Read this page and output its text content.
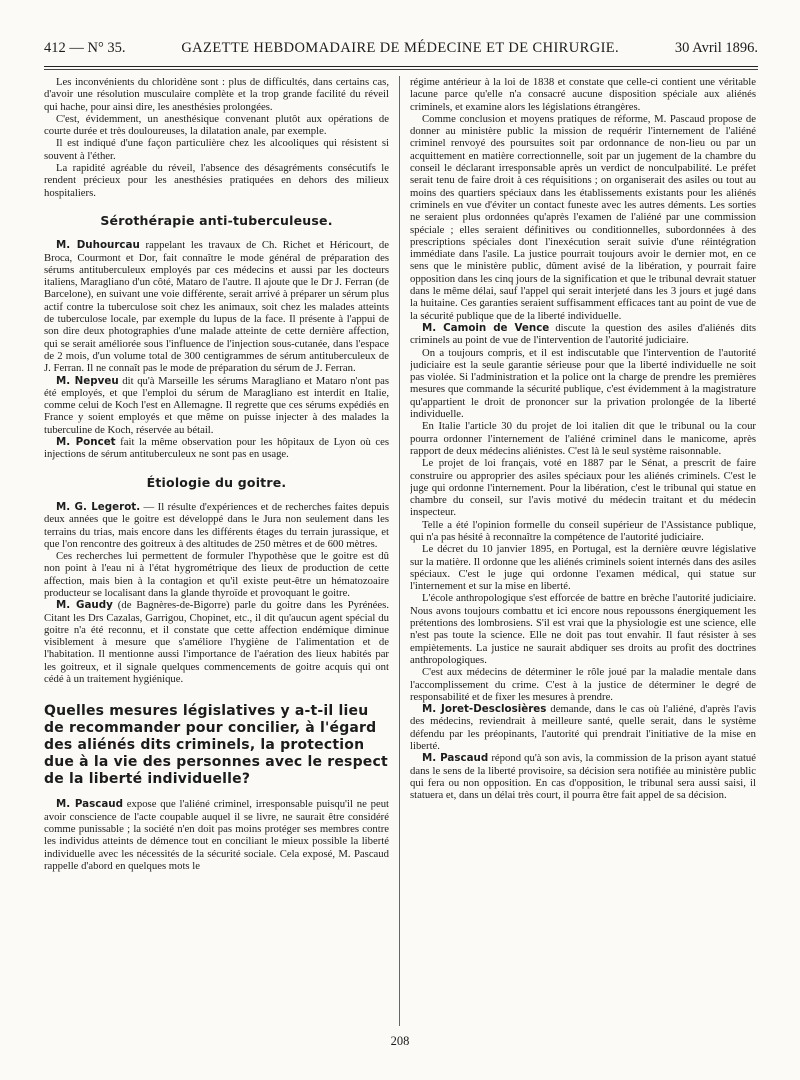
412 — N° 35.	GAZETTE HEBDOMADAIRE DE MÉDECINE ET DE CHIRURGIE.	30 Avril 1896.

Les inconvénients du chloridène sont : plus de difficultés, dans certains cas, d'avoir une résolution musculaire complète et la trop grande facilité du réveil qui hache, pour ainsi dire, les anesthésies prolongées.

C'est, évidemment, un anesthésique convenant plutôt aux opérations de courte durée et très douloureuses, la dilatation anale, par exemple.

Il est indiqué d'une façon particulière chez les alcooliques qui résistent si souvent à l'éther.

La rapidité agréable du réveil, l'absence des désagréments consécutifs le rendent précieux pour les anesthésies pratiquées en dehors des milieux hospitaliers.

Sérothérapie anti-tuberculeuse.

M. Duhourcau rappelant les travaux de Ch. Richet et Héricourt, de Broca, Courmont et Dor, fait connaître le mode général de préparation des sérums antituberculeux employés par ces médecins et aussi par les docteurs italiens, Maragliano d'un côté, Mataro de l'autre. Il ajoute que le Dr J. Ferran (de Barcelone), en suivant une voie différente, serait arrivé à préparer un sérum plus actif contre la tuberculose soit chez les animaux, soit chez les malades atteints de tuberculose locale, par exemple du lupus de la face. Il présente à l'appui de son dire deux photographies d'une malade atteinte de cette dernière affection, qui se serait améliorée sous l'influence de l'injection sous-cutanée, dans l'espace de 2 mois, d'un volume total de 300 centigrammes de sérum antituberculeux de J. Ferran. Il ne connaît pas le mode de préparation du sérum de J. Ferran.

M. Nepveu dit qu'à Marseille les sérums Maragliano et Mataro n'ont pas été employés, et que l'emploi du sérum de Maragliano est interdit en Italie, comme celui de Koch l'est en Allemagne. Il regrette que ces sérums expédiés en France y soient employés et que même on puisse injecter à des malades la tuberculine de Koch, réservée au bétail.

M. Poncet fait la même observation pour les hôpitaux de Lyon où ces injections de sérum antituberculeux ne sont pas en usage.

Étiologie du goitre.

M. G. Legerot. — Il résulte d'expériences et de recherches faites depuis deux années que le goitre est développé dans le Jura non seulement dans les terrains du trias, mais encore dans les différents étages du terrain jurassique, et que l'on rencontre des goitreux à des altitudes de 250 mètres et de 600 mètres.

Ces recherches lui permettent de formuler l'hypothèse que le goitre est dû non point à l'eau ni à l'état hygrométrique des lieux de production de cette affection, mais bien à la contagion et qu'il existe peut-être un hématozoaire producteur se localisant dans la glande thyroïde et provoquant le goitre.

M. Gaudy (de Bagnères-de-Bigorre) parle du goitre dans les Pyrénées. Citant les Drs Cazalas, Garrigou, Chopinet, etc., il dit qu'aucun agent spécial du goitre n'a été reconnu, et il constate que cette affection endémique diminue visiblement à mesure que s'améliore l'hygiène de l'alimentation et de l'habitation. Il mentionne aussi l'importance de l'aération des lieux habités par les goitreux, et il signale quelques commencements de goitre acquis qui ont cédé à un traitement hygiénique.

Quelles mesures législatives y a-t-il lieu de recommander pour concilier, à l'égard des aliénés dits criminels, la protection due à la vie des personnes avec le respect de la liberté individuelle?

M. Pascaud expose que l'aliéné criminel, irresponsable puisqu'il ne peut avoir conscience de l'acte coupable auquel il se livre, ne saurait être considéré comme punissable ; la société n'en doit pas moins protéger ses membres contre les individus atteints de démence tout en conciliant le mieux possible la liberté individuelle avec les nécessités de la sécurité sociale. Cela exposé, M. Pascaud rappelle d'abord en quelques mots le

régime antérieur à la loi de 1838 et constate que celle-ci contient une véritable lacune parce qu'elle n'a consacré aucune disposition spéciale aux aliénés criminels, et examine alors les législations étrangères.

Comme conclusion et moyens pratiques de réforme, M. Pascaud propose de donner au ministère public la mission de requérir l'internement de l'aliéné criminel renvoyé des poursuites soit par ordonnance de non-lieu ou par un acquittement en matière correctionnelle, soit par un jugement de la chambre du conseil le déclarant irresponsable après un verdict de nonculpabilité. Le préfet serait tenu de faire droit à ces réquisitions ; on organiserait des asiles ou tout au moins des quartiers spéciaux dans les établissements existants pour les aliénés criminels en vue d'éviter un contact funeste avec les autres déments. Les sorties ne seraient plus ordonnées qu'après l'examen de l'aliéné par une commission spéciale ; elles seraient définitives ou conditionnelles, subordonnées à des prescriptions spéciales dont l'inexécution serait suivie d'une réintégration immédiate dans l'asile. La justice pourrait toujours avoir le dernier mot, en ce sens que le ministère public, dûment avisé de la libération, y pourrait faire opposition dans les cinq jours de la signification et que le tribunal devrait statuer dans le même délai, sauf l'appel qui serait interjeté dans les 3 jours et jugé dans la huitaine. Ces garanties seraient suffisamment efficaces tant au point de vue de la sécurité publique que de la liberté individuelle.

M. Camoin de Vence discute la question des asiles d'aliénés dits criminels au point de vue de l'intervention de l'autorité judiciaire.

On a toujours compris, et il est indiscutable que l'intervention de l'autorité judiciaire est la seule garantie sérieuse pour que la liberté individuelle ne soit pas violée. Si l'administration et la police ont la charge de prendre les premières mesures que commande la sécurité publique, c'est évidemment à la magistrature qu'appartient le droit de prononcer sur la privation prolongée de la liberté individuelle.

En Italie l'article 30 du projet de loi italien dit que le tribunal ou la cour pourra ordonner l'internement de l'aliéné criminel dans le manicome, après rapport de deux médecins aliénistes. C'est là le seul système raisonnable.

Le projet de loi français, voté en 1887 par le Sénat, a prescrit de faire construire ou approprier des asiles spéciaux pour les aliénés criminels. C'est le juge qui ordonne l'internement. Pour la libération, c'est le tribunal qui statue en chambre du conseil, sur l'avis motivé du médecin traitant et du médecin inspecteur.

Telle a été l'opinion formelle du conseil supérieur de l'Assistance publique, qui n'a pas hésité à reconnaître la compétence de l'autorité judiciaire.

Le décret du 10 janvier 1895, en Portugal, est la dernière œuvre législative sur la matière. Il ordonne que les aliénés criminels soient internés dans des asiles spéciaux. C'est le juge qui ordonne l'examen médical, qui statue sur l'internement et sur la mise en liberté.

L'école anthropologique s'est efforcée de battre en brèche l'autorité judiciaire. Nous avons toujours combattu et ici encore nous repoussons énergiquement les prétentions des lombrosiens. S'il est vrai que la physiologie est une science, elle n'est pas toute la science. Elle ne doit pas tout envahir. Il faut résister à ses empiètements. La justice ne saurait abdiquer ses droits au profit des doctrines anthropologiques.

C'est aux médecins de déterminer le rôle joué par la maladie mentale dans l'accomplissement du crime. C'est à la justice de déterminer le degré de responsabilité et de fixer les mesures à prendre.

M. Joret-Desclosières demande, dans le cas où l'aliéné, d'après l'avis des médecins, reviendrait à meilleure santé, quelle serait, dans le système défendu par les préopinants, l'autorité qui prendrait l'initiative de la mise en liberté.

M. Pascaud répond qu'à son avis, la commission de la prison ayant statué dans le sens de la liberté provisoire, sa décision sera notifiée au ministère public qui fera ou non opposition. En cas d'opposition, le tribunal sera aussi saisi, il statuera et, dans un délai très court, il pourra être fait appel de sa décision.

208
